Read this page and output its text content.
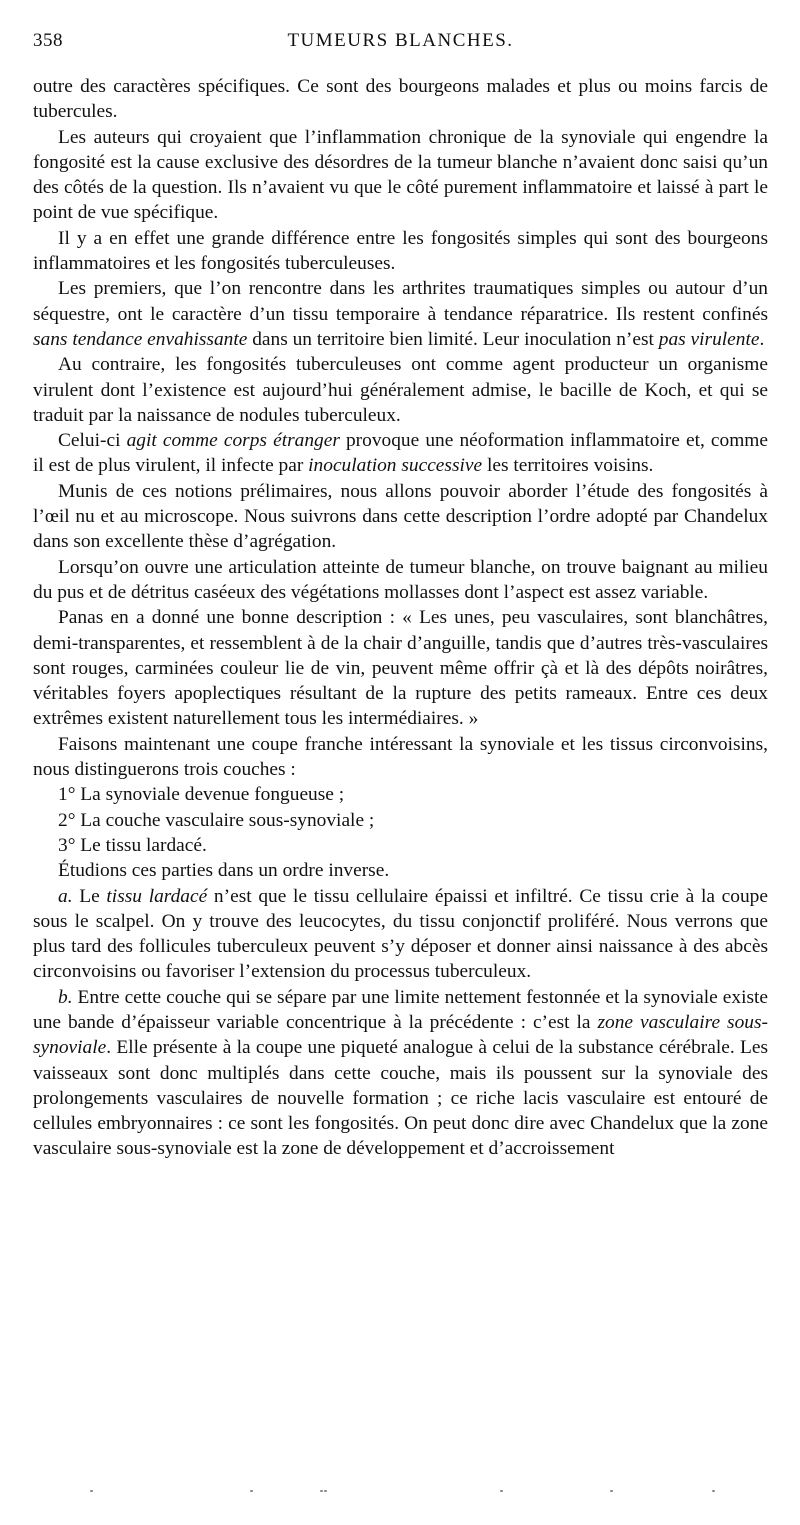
358	TUMEURS BLANCHES.

outre des caractères spécifiques. Ce sont des bourgeons malades et plus ou moins farcis de tubercules.

Les auteurs qui croyaient que l’inflammation chronique de la synoviale qui engendre la fongosité est la cause exclusive des désordres de la tumeur blanche n’avaient donc saisi qu’un des côtés de la question. Ils n’avaient vu que le côté purement inflammatoire et laissé à part le point de vue spécifique.

Il y a en effet une grande différence entre les fongosités simples qui sont des bourgeons inflammatoires et les fongosités tuberculeuses.

Les premiers, que l’on rencontre dans les arthrites traumatiques simples ou autour d’un séquestre, ont le caractère d’un tissu temporaire à tendance réparatrice. Ils restent confinés sans tendance envahissante dans un territoire bien limité. Leur inoculation n’est pas virulente.

Au contraire, les fongosités tuberculeuses ont comme agent producteur un organisme virulent dont l’existence est aujourd’hui généralement admise, le bacille de Koch, et qui se traduit par la naissance de nodules tuberculeux.

Celui-ci agit comme corps étranger provoque une néoformation inflammatoire et, comme il est de plus virulent, il infecte par inoculation successive les territoires voisins.

Munis de ces notions prélimaires, nous allons pouvoir aborder l’étude des fongosités à l’œil nu et au microscope. Nous suivrons dans cette description l’ordre adopté par Chandelux dans son excellente thèse d’agrégation.

Lorsqu’on ouvre une articulation atteinte de tumeur blanche, on trouve baignant au milieu du pus et de détritus caséeux des végétations mollasses dont l’aspect est assez variable.

Panas en a donné une bonne description : « Les unes, peu vasculaires, sont blanchâtres, demi-transparentes, et ressemblent à de la chair d’anguille, tandis que d’autres très-vasculaires sont rouges, carminées couleur lie de vin, peuvent même offrir çà et là des dépôts noirâtres, véritables foyers apoplectiques résultant de la rupture des petits rameaux. Entre ces deux extrêmes existent naturellement tous les intermédiaires. »

Faisons maintenant une coupe franche intéressant la synoviale et les tissus circonvoisins, nous distinguerons trois couches :

1° La synoviale devenue fongueuse ;

2° La couche vasculaire sous-synoviale ;

3° Le tissu lardacé.

Étudions ces parties dans un ordre inverse.

a. Le tissu lardacé n’est que le tissu cellulaire épaissi et infiltré. Ce tissu crie à la coupe sous le scalpel. On y trouve des leucocytes, du tissu conjonctif proliféré. Nous verrons que plus tard des follicules tuberculeux peuvent s’y déposer et donner ainsi naissance à des abcès circonvoisins ou favoriser l’extension du processus tuberculeux.

b. Entre cette couche qui se sépare par une limite nettement festonnée et la synoviale existe une bande d’épaisseur variable concentrique à la précédente : c’est la zone vasculaire sous-synoviale. Elle présente à la coupe une piqueté analogue à celui de la substance cérébrale. Les vaisseaux sont donc multiplés dans cette couche, mais ils poussent sur la synoviale des prolongements vasculaires de nouvelle formation ; ce riche lacis vasculaire est entouré de cellules embryonnaires : ce sont les fongosités. On peut donc dire avec Chandelux que la zone vasculaire sous-synoviale est la zone de développement et d’accroissement
